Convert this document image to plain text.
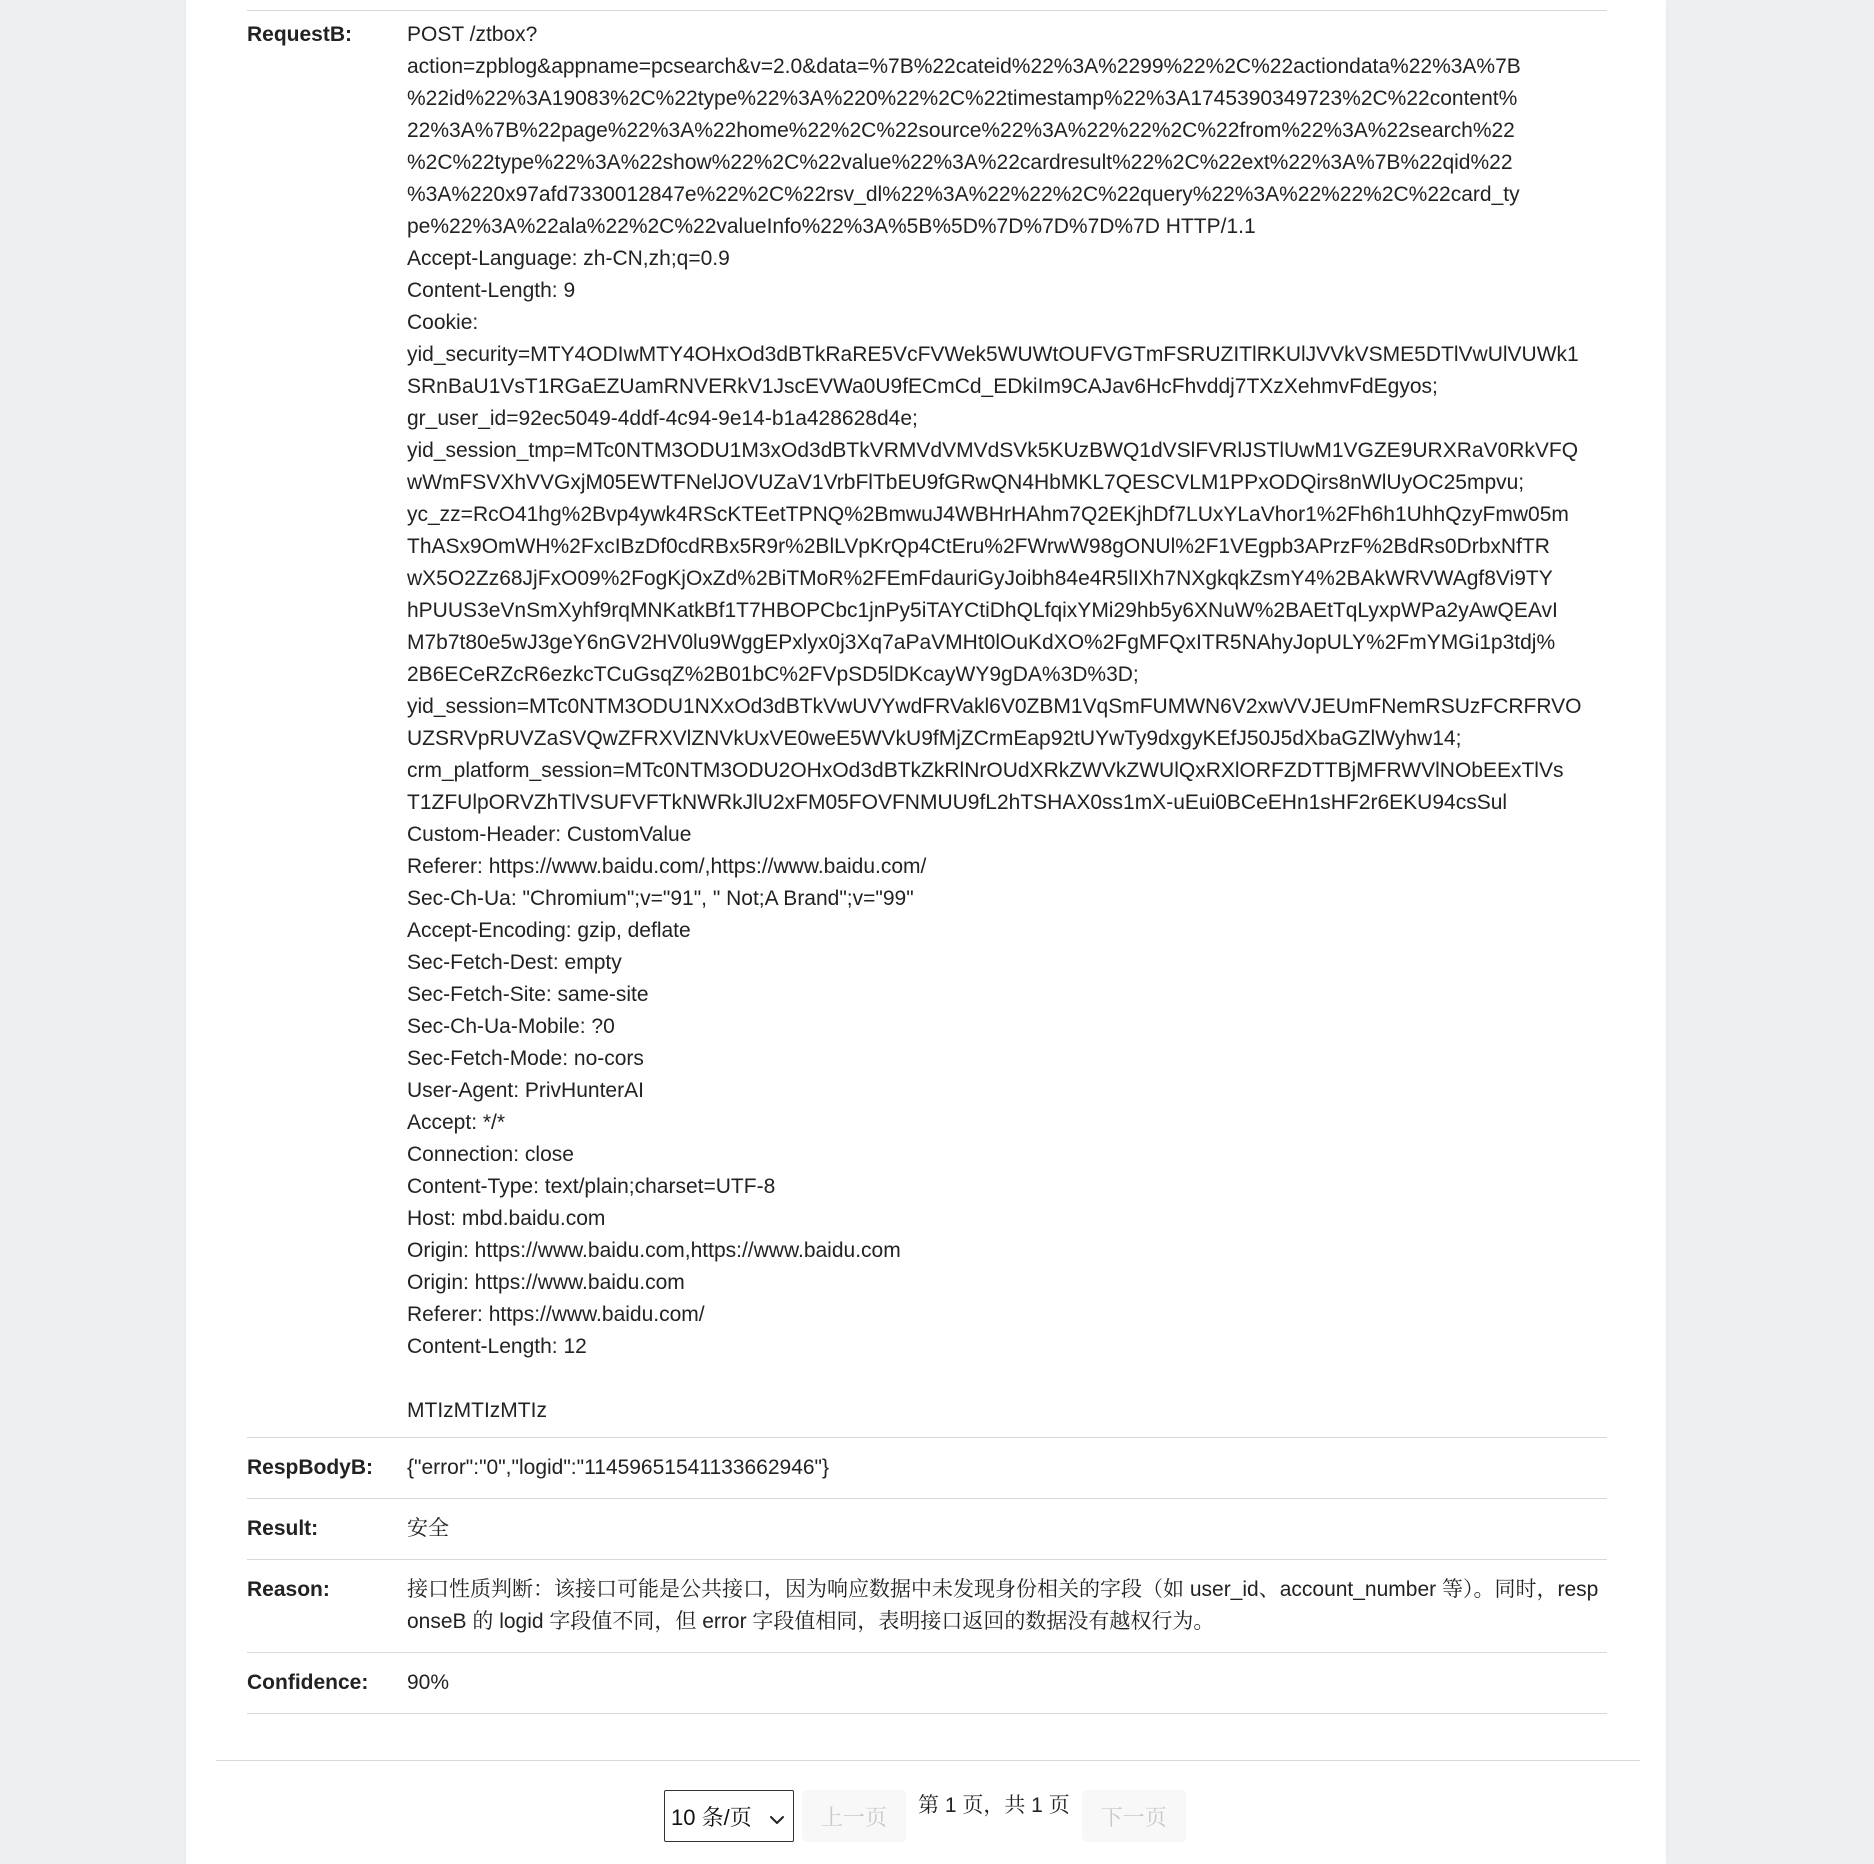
RequestB:	POST /ztbox?
action=zpblog&appname=pcsearch&v=2.0&data=%7B%22cateid%22%3A%2299%22%2C%22actiondata%22%3A%7B
%22id%22%3A19083%2C%22type%22%3A%220%22%2C%22timestamp%22%3A1745390349723%2C%22content%
22%3A%7B%22page%22%3A%22home%22%2C%22source%22%3A%22%22%2C%22from%22%3A%22search%22
%2C%22type%22%3A%22show%22%2C%22value%22%3A%22cardresult%22%2C%22ext%22%3A%7B%22qid%22
%3A%220x97afd7330012847e%22%2C%22rsv_dl%22%3A%22%22%2C%22query%22%3A%22%22%2C%22card_ty
pe%22%3A%22ala%22%2C%22valueInfo%22%3A%5B%5D%7D%7D%7D%7D HTTP/1.1
Accept-Language: zh-CN,zh;q=0.9
Content-Length: 9
Cookie:
yid_security=MTY4ODIwMTY4OHxOd3dBTkRaRE5VcFVWek5WUWtOUFVGTmFSRUZITlRKUlJVVkVSME5DTlVwUlVUWk1
SRnBaU1VsT1RGaEZUamRNVERkV1JscEVWa0U9fECmCd_EDkiIm9CAJav6HcFhvddj7TXzXehmvFdEgyos;
gr_user_id=92ec5049-4ddf-4c94-9e14-b1a428628d4e;
yid_session_tmp=MTc0NTM3ODU1M3xOd3dBTkVRMVdVMVdSVk5KUzBWQ1dVSlFVRlJSTlUwM1VGZE9URXRaV0RkVFQ
wWmFSVXhVVGxjM05EWTFNelJOVUZaV1VrbFlTbEU9fGRwQN4HbMKL7QESCVLM1PPxODQirs8nWlUyOC25mpvu;
yc_zz=RcO41hg%2Bvp4ywk4RScKTEetTPNQ%2BmwuJ4WBHrHAhm7Q2EKjhDf7LUxYLaVhor1%2Fh6h1UhhQzyFmw05m
ThASx9OmWH%2FxcIBzDf0cdRBx5R9r%2BlLVpKrQp4CtEru%2FWrwW98gONUl%2F1VEgpb3APrzF%2BdRs0DrbxNfTR
wX5O2Zz68JjFxO09%2FogKjOxZd%2BiTMoR%2FEmFdauriGyJoibh84e4R5lIXh7NXgkqkZsmY4%2BAkWRVWAgf8Vi9TY
hPUUS3eVnSmXyhf9rqMNKatkBf1T7HBOPCbc1jnPy5iTAYCtiDhQLfqixYMi29hb5y6XNuW%2BAEtTqLyxpWPa2yAwQEAvI
M7b7t80e5wJ3geY6nGV2HV0lu9WggEPxlyx0j3Xq7aPaVMHt0lOuKdXO%2FgMFQxITR5NAhyJopULY%2FmYMGi1p3tdj%
2B6ECeRZcR6ezkcTCuGsqZ%2B01bC%2FVpSD5lDKcayWY9gDA%3D%3D;
yid_session=MTc0NTM3ODU1NXxOd3dBTkVwUVYwdFRVakl6V0ZBM1VqSmFUMWN6V2xwVVJEUmFNemRSUzFCRFRVO
UZSRVpRUVZaSVQwZFRXVlZNVkUxVE0weE5WVkU9fMjZCrmEap92tUYwTy9dxgyKEfJ50J5dXbaGZlWyhw14;
crm_platform_session=MTc0NTM3ODU2OHxOd3dBTkZkRlNrOUdXRkZWVkZWUlQxRXlORFZDTTBjMFRWVlNObEExTlVs
T1ZFUlpORVZhTlVSUFVFTkNWRkJlU2xFM05FOVFNMUU9fL2hTSHAX0ss1mX-uEui0BCeEHn1sHF2r6EKU94csSul
Custom-Header: CustomValue
Referer: https://www.baidu.com/,https://www.baidu.com/
Sec-Ch-Ua: "Chromium";v="91", " Not;A Brand";v="99"
Accept-Encoding: gzip, deflate
Sec-Fetch-Dest: empty
Sec-Fetch-Site: same-site
Sec-Ch-Ua-Mobile: ?0
Sec-Fetch-Mode: no-cors
User-Agent: PrivHunterAI
Accept: */*
Connection: close
Content-Type: text/plain;charset=UTF-8
Host: mbd.baidu.com
Origin: https://www.baidu.com,https://www.baidu.com
Origin: https://www.baidu.com
Referer: https://www.baidu.com/
Content-Length: 12

MTIzMTIzMTIz
RespBodyB:	{"error":"0","logid":"11459651541133662946"}
Result:	安全
Reason:	接口性质判断：该接口可能是公共接口，因为响应数据中未发现身份相关的字段（如 user_id、account_number 等）。同时，responseB 的 logid 字段值不同，但 error 字段值相同，表明接口返回的数据没有越权行为。
Confidence:	90%
10 条/页	上一页	第 1 页，共 1 页	下一页
